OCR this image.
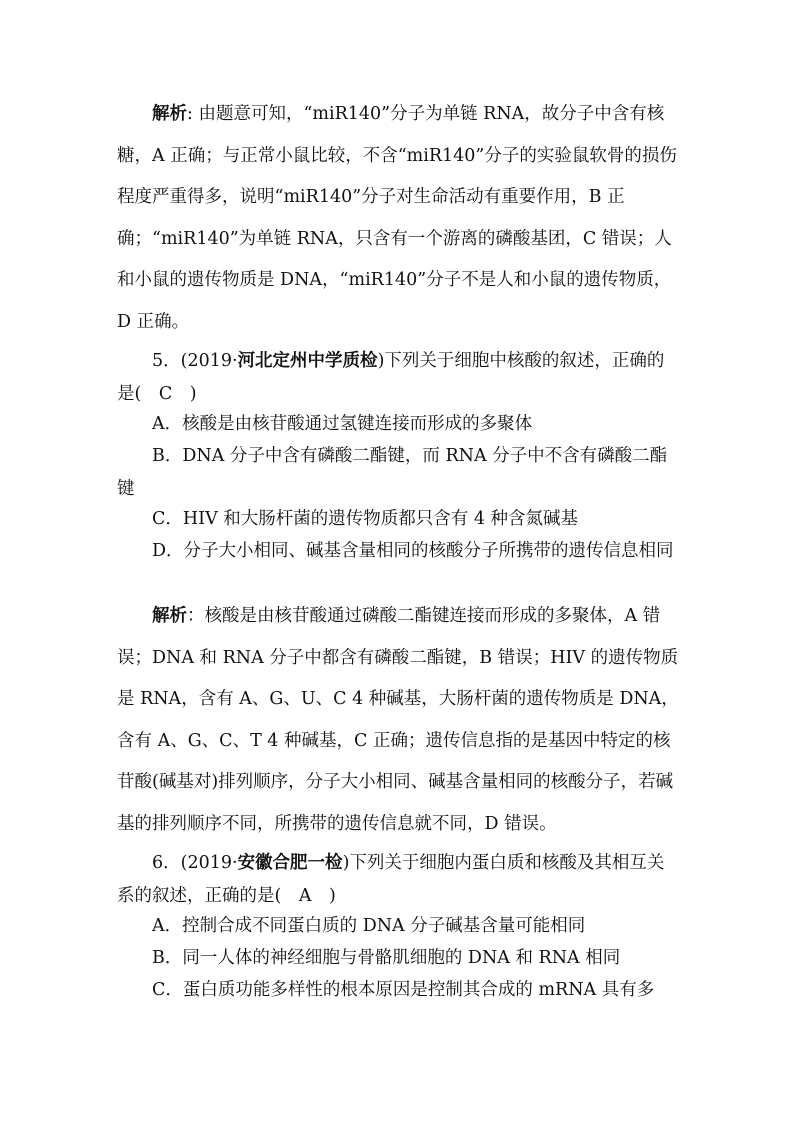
解析: 由题意可知，“miR140”分子为单链 RNA，故分子中含有核糖，A 正确；与正常小鼠比较，不含“miR140”分子的实验鼠软骨的损伤程度严重得多，说明“miR140”分子对生命活动有重要作用，B 正确；“miR140”为单链 RNA，只含有一个游离的磷酸基团，C 错误；人和小鼠的遗传物质是 DNA，“miR140”分子不是人和小鼠的遗传物质，D 正确。

5．(2019·河北定州中学质检)下列关于细胞中核酸的叙述，正确的是(　C　)

A．核酸是由核苷酸通过氢键连接而形成的多聚体

B．DNA 分子中含有磷酸二酯键，而 RNA 分子中不含有磷酸二酯键

C．HIV 和大肠杆菌的遗传物质都只含有 4 种含氮碱基

D．分子大小相同、碱基含量相同的核酸分子所携带的遗传信息相同

解析：核酸是由核苷酸通过磷酸二酯键连接而形成的多聚体，A 错误；DNA 和 RNA 分子中都含有磷酸二酯键，B 错误；HIV 的遗传物质是 RNA，含有 A、G、U、C 4 种碱基，大肠杆菌的遗传物质是 DNA，含有 A、G、C、T 4 种碱基，C 正确；遗传信息指的是基因中特定的核苷酸(碱基对)排列顺序，分子大小相同、碱基含量相同的核酸分子，若碱基的排列顺序不同，所携带的遗传信息就不同，D 错误。

6．(2019·安徽合肥一检)下列关于细胞内蛋白质和核酸及其相互关系的叙述，正确的是(　A　)

A．控制合成不同蛋白质的 DNA 分子碱基含量可能相同

B．同一人体的神经细胞与骨骼肌细胞的 DNA 和 RNA 相同

C．蛋白质功能多样性的根本原因是控制其合成的 mRNA 具有多
